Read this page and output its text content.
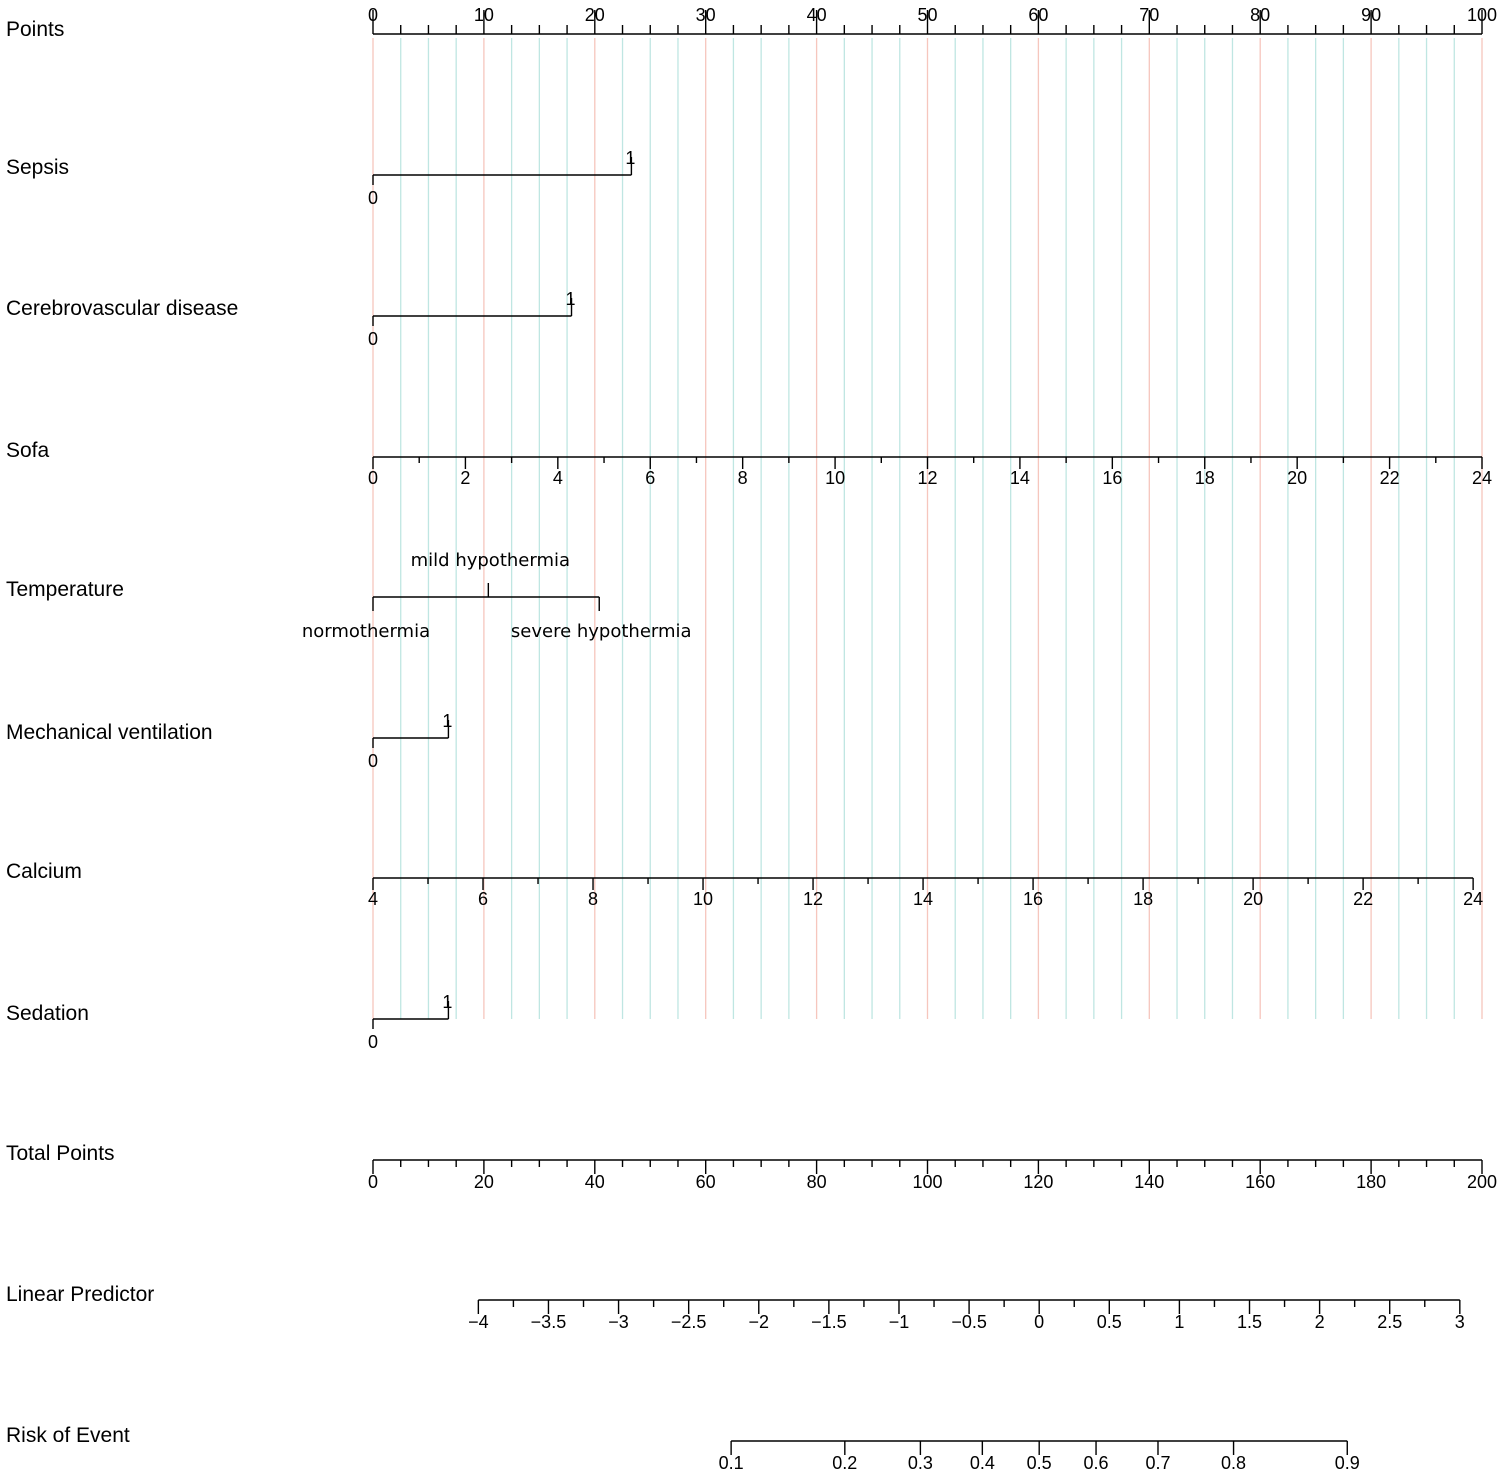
Points
0	10	20	30	40	50	60	70	80	90	100
Sepsis
0
1
Cerebrovascular disease
0
1
Sofa
0	2	4	6	8	10	12	14	16	18	20	22	24
Temperature
normothermia
mild hypothermia
severe hypothermia
Mechanical ventilation
0
1
Calcium
4	6	8	10	12	14	16	18	20	22	24
Sedation
0
1
Total Points
0	20	40	60	80	100	120	140	160	180	200
Linear Predictor
−4 −3.5 −3 −2.5 −2 −1.5 −1 −0.5	0	0.5	1	1.5	2	2.5	3
Risk of Event
0.1	0.2	0.3 0.4 0.5 0.6 0.7	0.8	0.9
